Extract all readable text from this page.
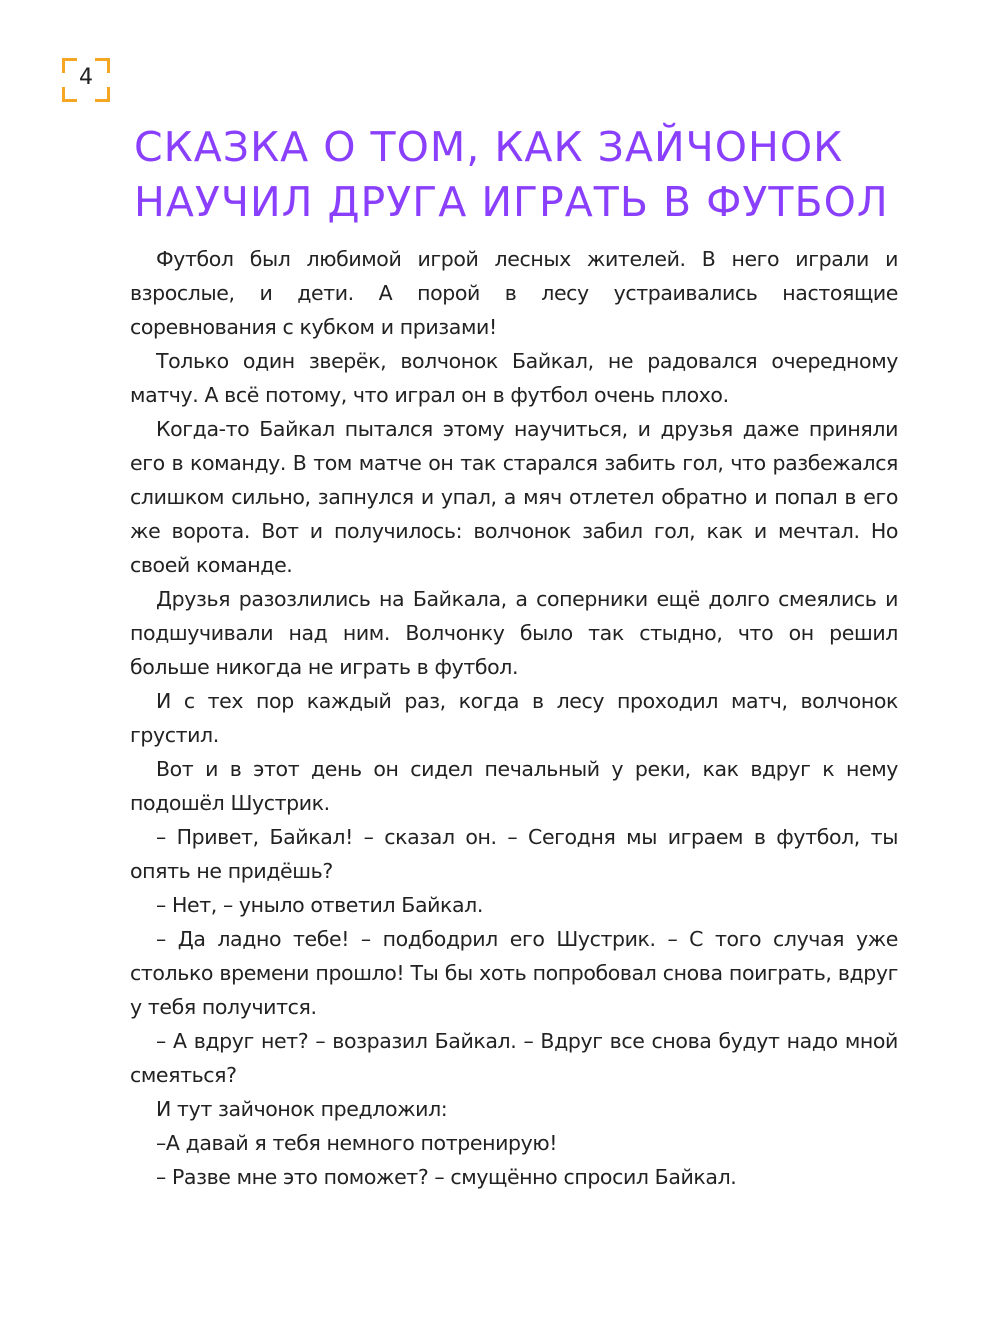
4
СКАЗКА О ТОМ, КАК ЗАЙЧОНОК
НАУЧИЛ ДРУГА ИГРАТЬ В ФУТБОЛ

Футбол был любимой игрой лесных жителей. В него играли и взрослые, и дети. А порой в лесу устраивались настоящие соревнования с кубком и призами!

Только один зверёк, волчонок Байкал, не радовался очередному матчу. А всё потому, что играл он в футбол очень плохо.

Когда-то Байкал пытался этому научиться, и друзья даже приняли его в команду. В том матче он так старался забить гол, что разбежался слишком сильно, запнулся и упал, а мяч отлетел обратно и попал в его же ворота. Вот и получилось: волчонок забил гол, как и мечтал. Но своей команде.

Друзья разозлились на Байкала, а соперники ещё долго смеялись и подшучивали над ним. Волчонку было так стыдно, что он решил больше никогда не играть в футбол.

И с тех пор каждый раз, когда в лесу проходил матч, волчонок грустил.

Вот и в этот день он сидел печальный у реки, как вдруг к нему подошёл Шустрик.

– Привет, Байкал! – сказал он. – Сегодня мы играем в футбол, ты опять не придёшь?

– Нет, – уныло ответил Байкал.

– Да ладно тебе! – подбодрил его Шустрик. – С того случая уже столько времени прошло! Ты бы хоть попробовал снова поиграть, вдруг у тебя получится.

– А вдруг нет? – возразил Байкал. – Вдруг все снова будут надо мной смеяться?

И тут зайчонок предложил:

–А давай я тебя немного потренирую!

– Разве мне это поможет? – смущённо спросил Байкал.
